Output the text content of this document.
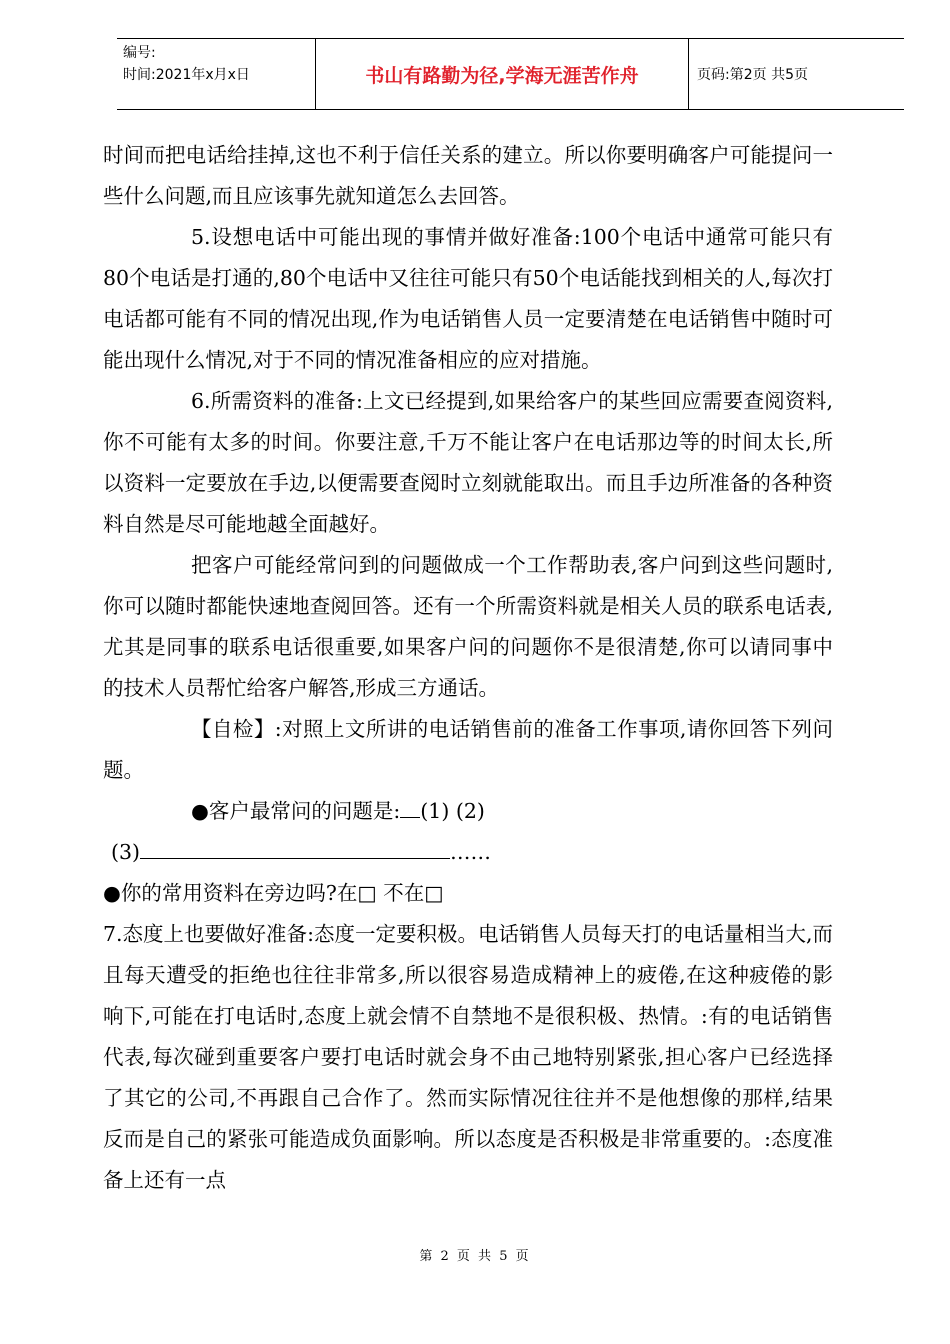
编号:
时间:2021年x月x日	书山有路勤为径,学海无涯苦作舟	页码:第2页 共5页

时间而把电话给挂掉,这也不利于信任关系的建立。所以你要明确客户可能提问一些什么问题,而且应该事先就知道怎么去回答。

5.设想电话中可能出现的事情并做好准备:100个电话中通常可能只有80个电话是打通的,80个电话中又往往可能只有50个电话能找到相关的人,每次打电话都可能有不同的情况出现,作为电话销售人员一定要清楚在电话销售中随时可能出现什么情况,对于不同的情况准备相应的应对措施。

6.所需资料的准备:上文已经提到,如果给客户的某些回应需要查阅资料,你不可能有太多的时间。你要注意,千万不能让客户在电话那边等的时间太长,所以资料一定要放在手边,以便需要查阅时立刻就能取出。而且手边所准备的各种资料自然是尽可能地越全面越好。

把客户可能经常问到的问题做成一个工作帮助表,客户问到这些问题时,你可以随时都能快速地查阅回答。还有一个所需资料就是相关人员的联系电话表,尤其是同事的联系电话很重要,如果客户问的问题你不是很清楚,你可以请同事中的技术人员帮忙给客户解答,形成三方通话。

【自检】:对照上文所讲的电话销售前的准备工作事项,请你回答下列问题。

●客户最常问的问题是: (1) (2)

(3)	……

●你的常用资料在旁边吗?在□ 不在□

7.态度上也要做好准备:态度一定要积极。电话销售人员每天打的电话量相当大,而且每天遭受的拒绝也往往非常多,所以很容易造成精神上的疲倦,在这种疲倦的影响下,可能在打电话时,态度上就会情不自禁地不是很积极、热情。:有的电话销售代表,每次碰到重要客户要打电话时就会身不由己地特别紧张,担心客户已经选择了其它的公司,不再跟自己合作了。然而实际情况往往并不是他想像的那样,结果反而是自己的紧张可能造成负面影响。所以态度是否积极是非常重要的。:态度准备上还有一点

第 2 页 共 5 页
